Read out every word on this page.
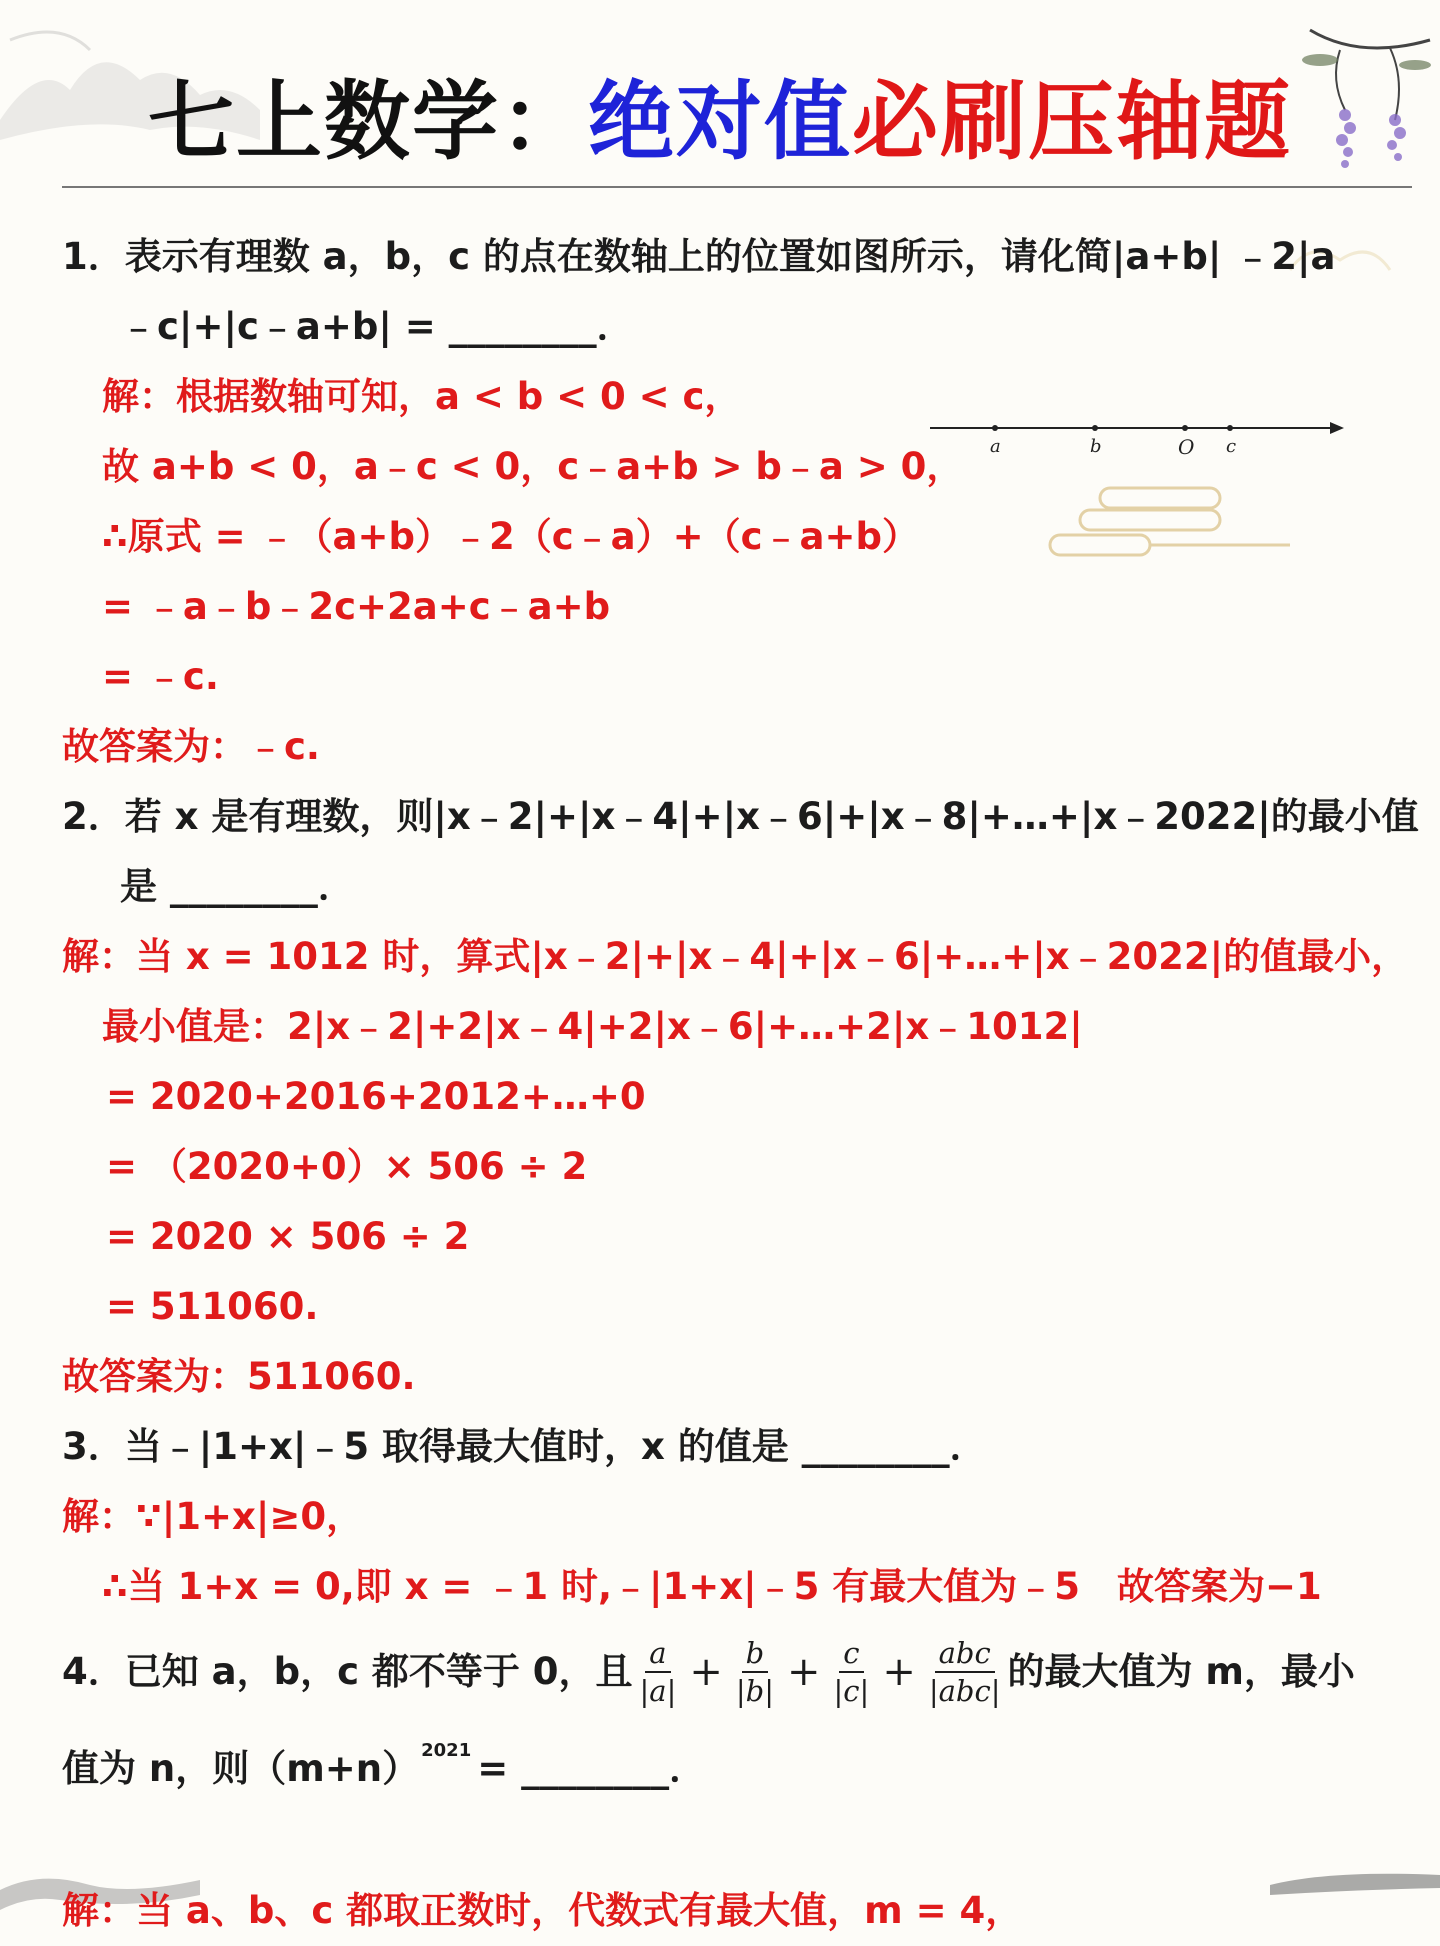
七上数学：绝对值必刷压轴题
a	b	O c
1．表示有理数 a，b，c 的点在数轴上的位置如图所示，请化简|a+b| ﹣2|a
﹣c|+|c﹣a+b| = ________．
解：根据数轴可知，a < b < 0 < c，
故 a+b < 0，a﹣c < 0，c﹣a+b > b﹣a > 0，
∴原式 = ﹣（a+b）﹣2（c﹣a）+（c﹣a+b）
= ﹣a﹣b﹣2c+2a+c﹣a+b
= ﹣c.
故答案为：﹣c.
2．若 x 是有理数，则|x﹣2|+|x﹣4|+|x﹣6|+|x﹣8|+…+|x﹣2022|的最小值
是 ________．
解：当 x = 1012 时，算式|x﹣2|+|x﹣4|+|x﹣6|+…+|x﹣2022|的值最小，
最小值是：2|x﹣2|+2|x﹣4|+2|x﹣6|+…+2|x﹣1012|
= 2020+2016+2012+…+0
= （2020+0）× 506 ÷ 2
= 2020 × 506 ÷ 2
= 511060.
故答案为：511060.
3．当﹣|1+x|﹣5 取得最大值时，x 的值是 ________．
解：∵|1+x|≥0，
∴当 1+x = 0,即 x = ﹣1 时,﹣|1+x|﹣5 有最大值为﹣5　故答案为−1
4．已知 a，b，c 都不等于 0，且 $\frac{a}{|a|} + \frac{b}{|b|} + \frac{c}{|c|} + \frac{\text{abc}}{\text{|abc|}}$ 的最大值为 m，最小
值为 n，则$(m+n)^{2021}$ = ________．
解：当 a、b、c 都取正数时，代数式有最大值，m = 4，
